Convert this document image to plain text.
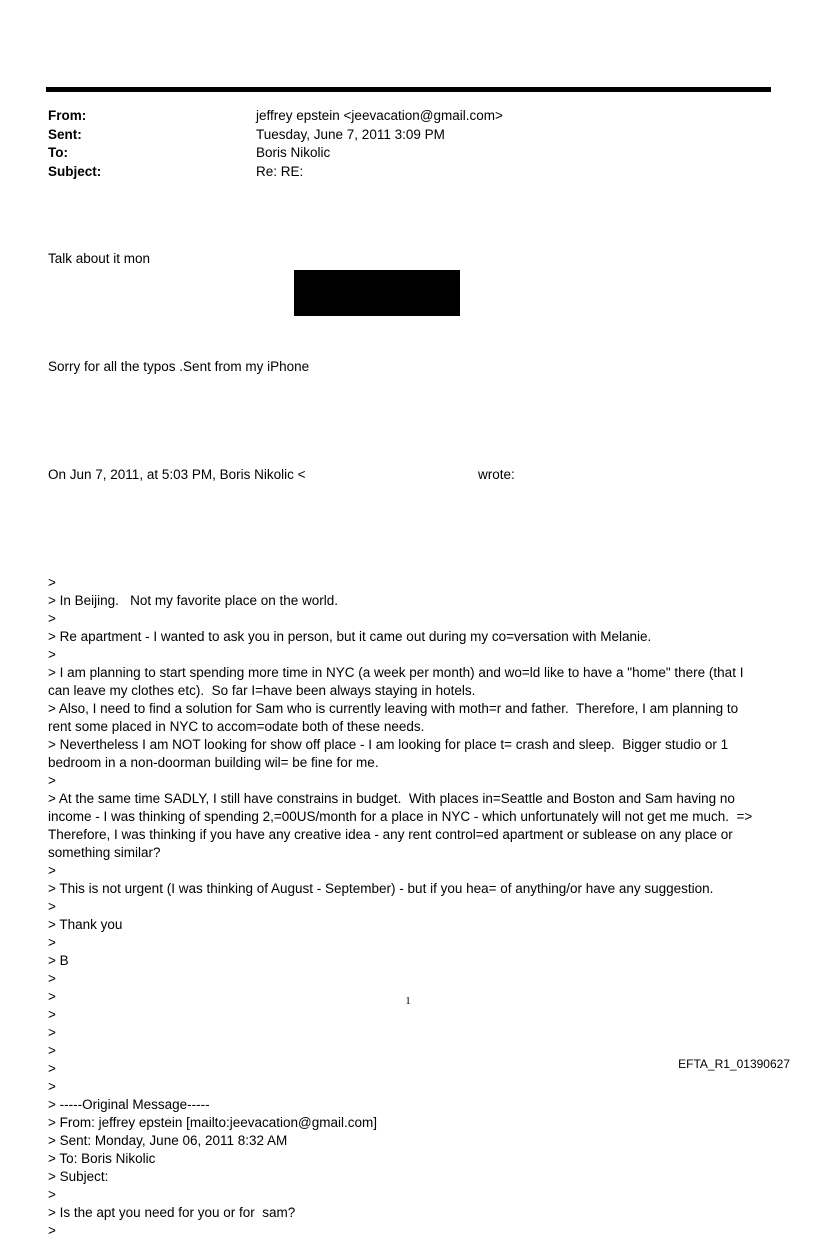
From:	jeffrey epstein <jeevacation@gmail.com>
Sent:	Tuesday, June 7, 2011 3:09 PM
To:	Boris Nikolic
Subject:	Re: RE:

Talk about it mon

Sorry for all the typos .Sent from my iPhone

On Jun 7, 2011, at 5:03 PM, Boris Nikolic <                                              wrote:

>
> In Beijing.   Not my favorite place on the world.
>
> Re apartment - I wanted to ask you in person, but it came out during my co=versation with Melanie.
>
> I am planning to start spending more time in NYC (a week per month) and wo=ld like to have a "home" there (that I can leave my clothes etc).  So far I=have been always staying in hotels.
> Also, I need to find a solution for Sam who is currently leaving with moth=r and father.  Therefore, I am planning to rent some placed in NYC to accom=odate both of these needs.
> Nevertheless I am NOT looking for show off place - I am looking for place t= crash and sleep.  Bigger studio or 1 bedroom in a non-doorman building wil= be fine for me.
>
> At the same time SADLY, I still have constrains in budget.  With places in=Seattle and Boston and Sam having no income - I was thinking of spending 2,=00US/month for a place in NYC - which unfortunately will not get me much.  => Therefore, I was thinking if you have any creative idea - any rent control=ed apartment or sublease on any place or something similar?
>
> This is not urgent (I was thinking of August - September) - but if you hea= of anything/or have any suggestion.
>
> Thank you
>
> B
>
>
>
>
>
>
>
> -----Original Message-----
> From: jeffrey epstein [mailto:jeevacation@gmail.com]
> Sent: Monday, June 06, 2011 8:32 AM
> To: Boris Nikolic
> Subject:
>
> Is the apt you need for you or for  sam?
>

1
EFTA_R1_01390627
